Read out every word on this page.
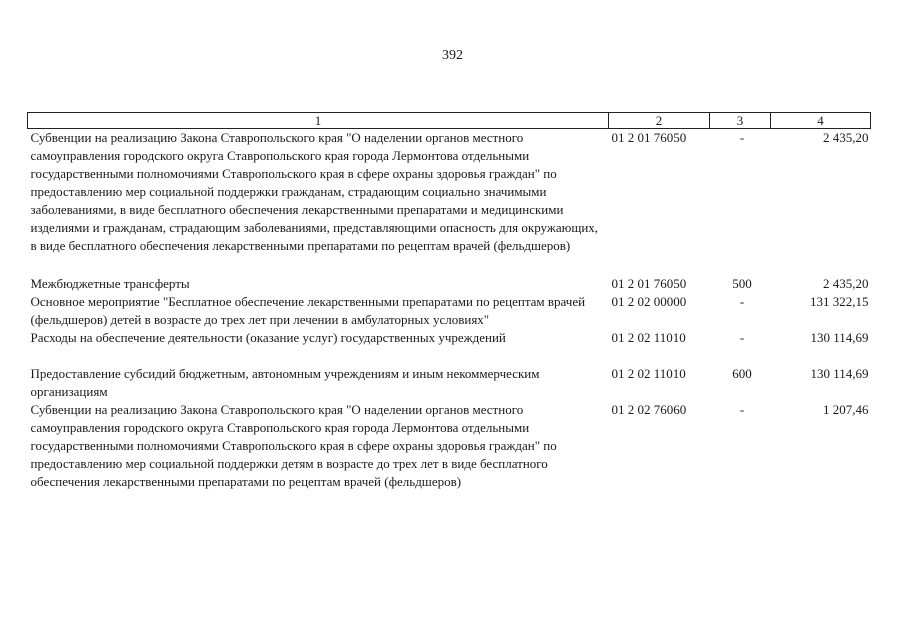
392
1	2	3	4
Субвенции на реализацию Закона Ставропольского края "О наделении органов местного самоуправления городского округа Ставропольского края города Лермонтова отдельными государственными полномочиями Ставропольского края в сфере охраны здоровья граждан" по предоставлению мер социальной поддержки гражданам, страдающим социально значимыми заболеваниями, в виде бесплатного обеспечения лекарственными препаратами и медицинскими изделиями и гражданам, страдающим заболеваниями, представляющими опасность для окружающих, в виде бесплатного обеспечения лекарственными препаратами по рецептам врачей (фельдшеров)	01 2 01 76050	-	2 435,20

Межбюджетные трансферты	01 2 01 76050	500	2 435,20
Основное мероприятие "Бесплатное обеспечение лекарственными препаратами по рецептам врачей (фельдшеров) детей в возрасте до трех лет при лечении в амбулаторных условиях"	01 2 02 00000	-	131 322,15
Расходы на обеспечение деятельности (оказание услуг) государственных учреждений	01 2 02 11010	-	130 114,69

Предоставление субсидий бюджетным, автономным учреждениям и иным некоммерческим организациям	01 2 02 11010	600	130 114,69
Субвенции на реализацию Закона Ставропольского края "О наделении органов местного самоуправления городского округа Ставропольского края города Лермонтова отдельными государственными полномочиями Ставропольского края в сфере охраны здоровья граждан" по предоставлению мер социальной поддержки детям в возрасте до трех лет в виде бесплатного обеспечения лекарственными препаратами по рецептам врачей (фельдшеров)	01 2 02 76060	-	1 207,46
